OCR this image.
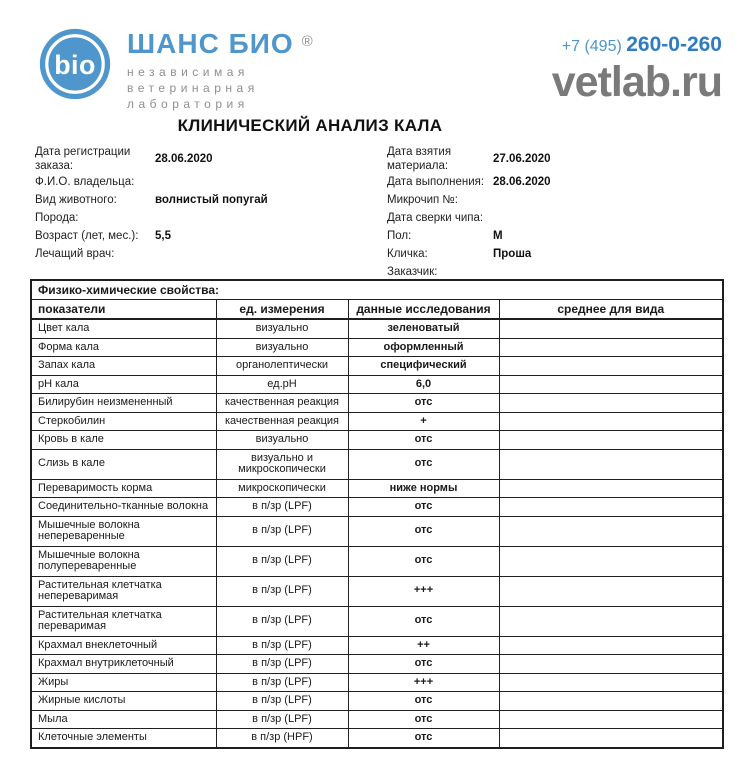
bio
ШАНС БИО ®
независимая
ветеринарная
лаборатория
+7 (495) 260-0-260
vetlab.ru
КЛИНИЧЕСКИЙ АНАЛИЗ КАЛА
Дата регистрации заказа:
28.06.2020
Ф.И.О. владельца:
Вид животного:	волнистый попугай
Порода:
Возраст (лет, мес.):	5,5
Лечащий врач:
Дата взятия материала:
27.06.2020
Дата выполнения: 28.06.2020
Микрочип №:
Дата сверки чипа:
Пол:	М
Кличка:	Проша
Заказчик:
Физико-химические свойства:			
показатели	ед. измерения	данные исследования	среднее для вида
Цвет кала	визуально	зеленоватый	
Форма кала	визуально	оформленный	
Запах кала	органолептически	специфический	
pH кала	ед.pH	6,0	
Билирубин неизмененный	качественная реакция	отс	
Стеркобилин	качественная реакция	+	
Кровь в кале	визуально	отс	
Слизь в кале	визуально и микроскопически	отс	
Переваримость корма	микроскопически	ниже нормы	
Соединительно-тканные волокна	в п/зр (LPF)	отс	
Мышечные волокна непереваренные	в п/зр (LPF)	отс	
Мышечные волокна полупереваренные	в п/зр (LPF)	отс	
Растительная клетчатка непереваримая	в п/зр (LPF)	+++	
Растительная клетчатка переваримая	в п/зр (LPF)	отс	
Крахмал внеклеточный	в п/зр (LPF)	++	
Крахмал внутриклеточный	в п/зр (LPF)	отс	
Жиры	в п/зр (LPF)	+++	
Жирные кислоты	в п/зр (LPF)	отс	
Мыла	в п/зр (LPF)	отс	
Клеточные элементы	в п/зр (HPF)	отс	
